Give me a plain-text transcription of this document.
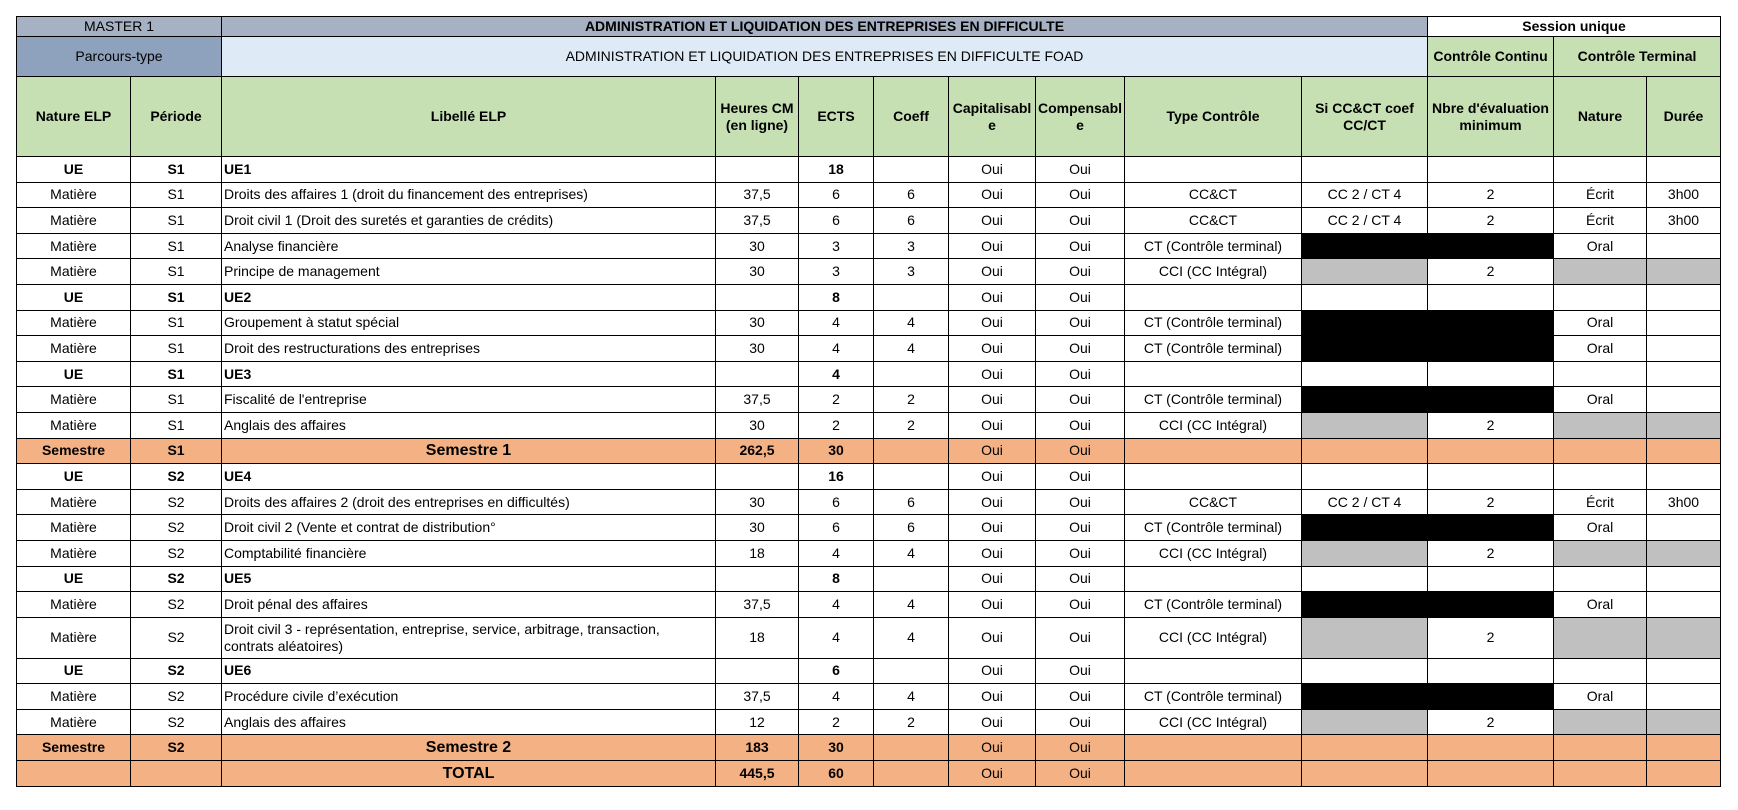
MASTER 1		ADMINISTRATION ET LIQUIDATION DES ENTREPRISES EN DIFFICULTE								Session unique		
Parcours-type		ADMINISTRATION ET LIQUIDATION DES ENTREPRISES EN DIFFICULTE FOAD								Contrôle Continu	Contrôle Terminal	
Nature ELP	Période	Libellé ELP	Heures CM (en ligne)	ECTS	Coeff	Capitalisable	Compensable	Type Contrôle	Si CC&CT coef CC/CT	Nbre d'évaluation minimum	Nature	Durée
UE	S1	UE1		18		Oui	Oui					
Matière	S1	Droits des affaires 1 (droit du financement des entreprises)	37,5	6	6	Oui	Oui	CC&CT	CC 2 / CT 4	2	Écrit	3h00
Matière	S1	Droit civil 1 (Droit des suretés et garanties de crédits)	37,5	6	6	Oui	Oui	CC&CT	CC 2 / CT 4	2	Écrit	3h00
Matière	S1	Analyse financière	30	3	3	Oui	Oui	CT (Contrôle terminal)			Oral	
Matière	S1	Principe de management	30	3	3	Oui	Oui	CCI (CC Intégral)		2		
UE	S1	UE2		8		Oui	Oui					
Matière	S1	Groupement à statut spécial	30	4	4	Oui	Oui	CT (Contrôle terminal)			Oral	
Matière	S1	Droit des restructurations des entreprises	30	4	4	Oui	Oui	CT (Contrôle terminal)			Oral	
UE	S1	UE3		4		Oui	Oui					
Matière	S1	Fiscalité de l'entreprise	37,5	2	2	Oui	Oui	CT (Contrôle terminal)			Oral	
Matière	S1	Anglais des affaires	30	2	2	Oui	Oui	CCI (CC Intégral)		2		
Semestre	S1	Semestre 1	262,5	30		Oui	Oui					
UE	S2	UE4		16		Oui	Oui					
Matière	S2	Droits des affaires 2 (droit des entreprises en difficultés)	30	6	6	Oui	Oui	CC&CT	CC 2 / CT 4	2	Écrit	3h00
Matière	S2	Droit civil 2 (Vente et contrat de distribution°	30	6	6	Oui	Oui	CT (Contrôle terminal)			Oral	
Matière	S2	Comptabilité financière	18	4	4	Oui	Oui	CCI (CC Intégral)		2		
UE	S2	UE5		8		Oui	Oui					
Matière	S2	Droit pénal des affaires	37,5	4	4	Oui	Oui	CT (Contrôle terminal)			Oral	
Matière	S2	Droit civil 3 - représentation, entreprise, service, arbitrage, transaction, contrats aléatoires)	18	4	4	Oui	Oui	CCI (CC Intégral)		2		
UE	S2	UE6		6		Oui	Oui					
Matière	S2	Procédure civile d’exécution	37,5	4	4	Oui	Oui	CT (Contrôle terminal)			Oral	
Matière	S2	Anglais des affaires	12	2	2	Oui	Oui	CCI (CC Intégral)		2		
Semestre	S2	Semestre 2	183	30		Oui	Oui					
		TOTAL	445,5	60		Oui	Oui					
